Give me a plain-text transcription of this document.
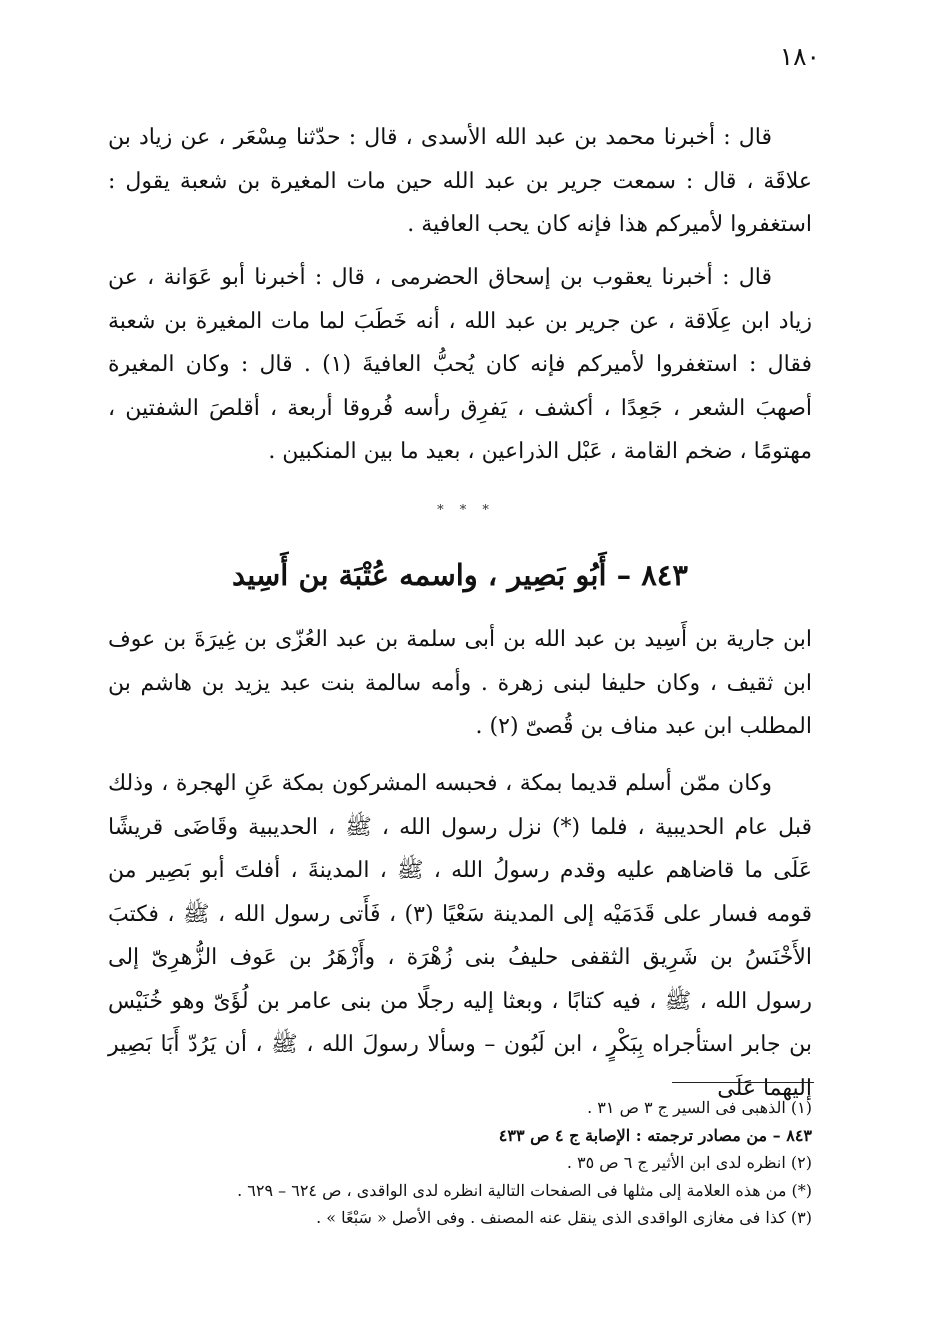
١٨٠

قال : أخبرنا محمد بن عبد الله الأسدى ، قال : حدّثنا مِسْعَر ، عن زياد بن علاقَة ، قال : سمعت جرير بن عبد الله حين مات المغيرة بن شعبة يقول : استغفروا لأميركم هذا فإنه كان يحب العافية .

قال : أخبرنا يعقوب بن إسحاق الحضرمى ، قال : أخبرنا أبو عَوَانة ، عن زياد ابن عِلَاقة ، عن جرير بن عبد الله ، أنه خَطَبَ لما مات المغيرة بن شعبة فقال : استغفروا لأميركم فإنه كان يُحبُّ العافيةَ (١) . قال : وكان المغيرة أصهبَ الشعر ، جَعِدًا ، أكشف ، يَفرِق رأسه فُروقا أربعة ، أقلصَ الشفتين ، مهتومًا ، ضخم القامة ، عَبْل الذراعين ، بعيد ما بين المنكبين .

* * *
٨٤٣ – أَبُو بَصِير ، واسمه عُتْبَة بن أَسِيد

ابن جارية بن أَسِيد بن عبد الله بن أبى سلمة بن عبد العُزّى بن غِيرَةَ بن عوف ابن ثقيف ، وكان حليفا لبنى زهرة . وأمه سالمة بنت عبد يزيد بن هاشم بن المطلب ابن عبد مناف بن قُصىّ (٢) .

وكان ممّن أسلم قديما بمكة ، فحبسه المشركون بمكة عَنِ الهجرة ، وذلك قبل عام الحديبية ، فلما (*) نزل رسول الله ، ﷺ ، الحديبية وقَاضَى قريشًا عَلَى ما قاضاهم عليه وقدم رسولُ الله ، ﷺ ، المدينةَ ، أفلتَ أبو بَصِير من قومه فسار على قَدَمَيْه إلى المدينة سَعْيًا (٣) ، فَأَتى رسول الله ، ﷺ ، فكتبَ الأَخْنَسُ بن شَرِيق الثقفى حليفُ بنى زُهْرَة ، وأَزْهَرُ بن عَوف الزُّهرِىّ إلى رسول الله ، ﷺ ، فيه كتابًا ، وبعثا إليه رجلًا من بنى عامر بن لُؤَىّ وهو خُنَيْس بن جابر استأجراه بِبَكْرٍ ، ابن لَبُون – وسألا رسولَ الله ، ﷺ ، أن يَرُدّ أَبَا بَصِير إليهما عَلَى

(١) الذهبى فى السير ج ٣ ص ٣١ .
٨٤٣ – من مصادر ترجمته : الإصابة ج ٤ ص ٤٣٣
(٢) انظره لدى ابن الأثير ج ٦ ص ٣٥ .
(*) من هذه العلامة إلى مثلها فى الصفحات التالية انظره لدى الواقدى ، ص ٦٢٤ – ٦٢٩ .
(٣) كذا فى مغازى الواقدى الذى ينقل عنه المصنف . وفى الأصل « سَبْعًا » .
